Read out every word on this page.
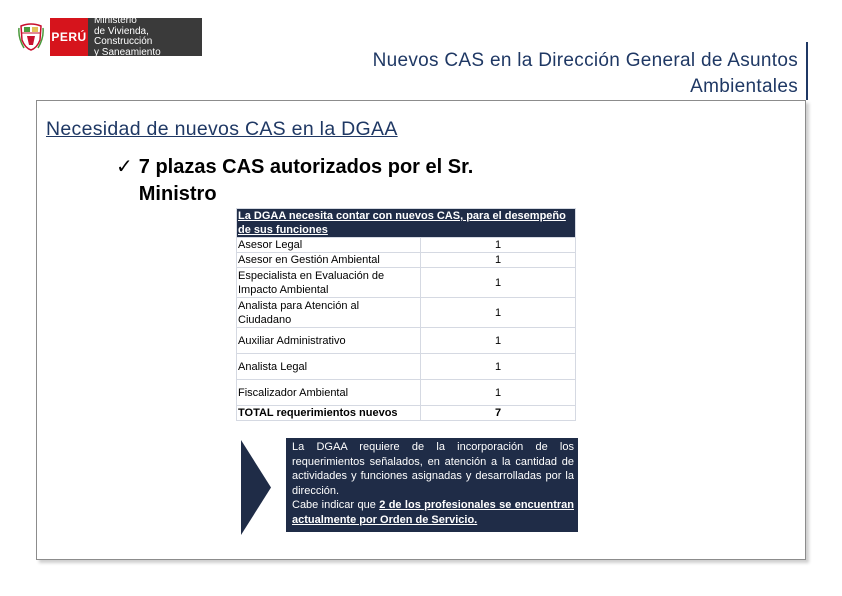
PERÚ
Ministerio
de Vivienda, Construcción
y Saneamiento	Nuevos CAS en la Dirección General de Asuntos
Ambientales
Necesidad de nuevos CAS en la DGAA
✓ 7 plazas CAS autorizados por el Sr.
Ministro
La DGAA necesita contar con nuevos CAS, para el desempeño de sus funciones	
Asesor Legal	1
Asesor en Gestión Ambiental	1

Especialista en Evaluación de Impacto Ambiental	1

Analista para Atención al Ciudadano	1
Auxiliar Administrativo	1
Analista Legal	1
Fiscalizador Ambiental	1
TOTAL requerimientos nuevos	7

La DGAA requiere de la incorporación de los requerimientos señalados, en atención a la cantidad de actividades y funciones asignadas y desarrolladas por la dirección.

Cabe indicar que 2 de los profesionales se encuentran actualmente por Orden de Servicio.
